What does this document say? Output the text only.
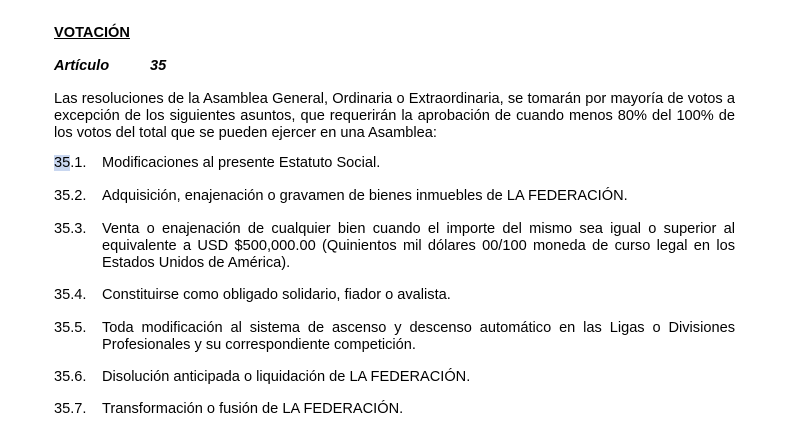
VOTACIÓN
Artículo	35
Las resoluciones de la Asamblea General, Ordinaria o Extraordinaria, se tomarán por mayoría de votos a excepción de los siguientes asuntos, que requerirán la aprobación de cuando menos 80% del 100% de los votos del total que se pueden ejercer en una Asamblea:
35.1. Modificaciones al presente Estatuto Social.
35.2. Adquisición, enajenación o gravamen de bienes inmuebles de LA FEDERACIÓN.
35.3. Venta o enajenación de cualquier bien cuando el importe del mismo sea igual o superior al equivalente a USD $500,000.00 (Quinientos mil dólares 00/100 moneda de curso legal en los Estados Unidos de América).
35.4. Constituirse como obligado solidario, fiador o avalista.
35.5. Toda modificación al sistema de ascenso y descenso automático en las Ligas o Divisiones Profesionales y su correspondiente competición.
35.6. Disolución anticipada o liquidación de LA FEDERACIÓN.
35.7. Transformación o fusión de LA FEDERACIÓN.
